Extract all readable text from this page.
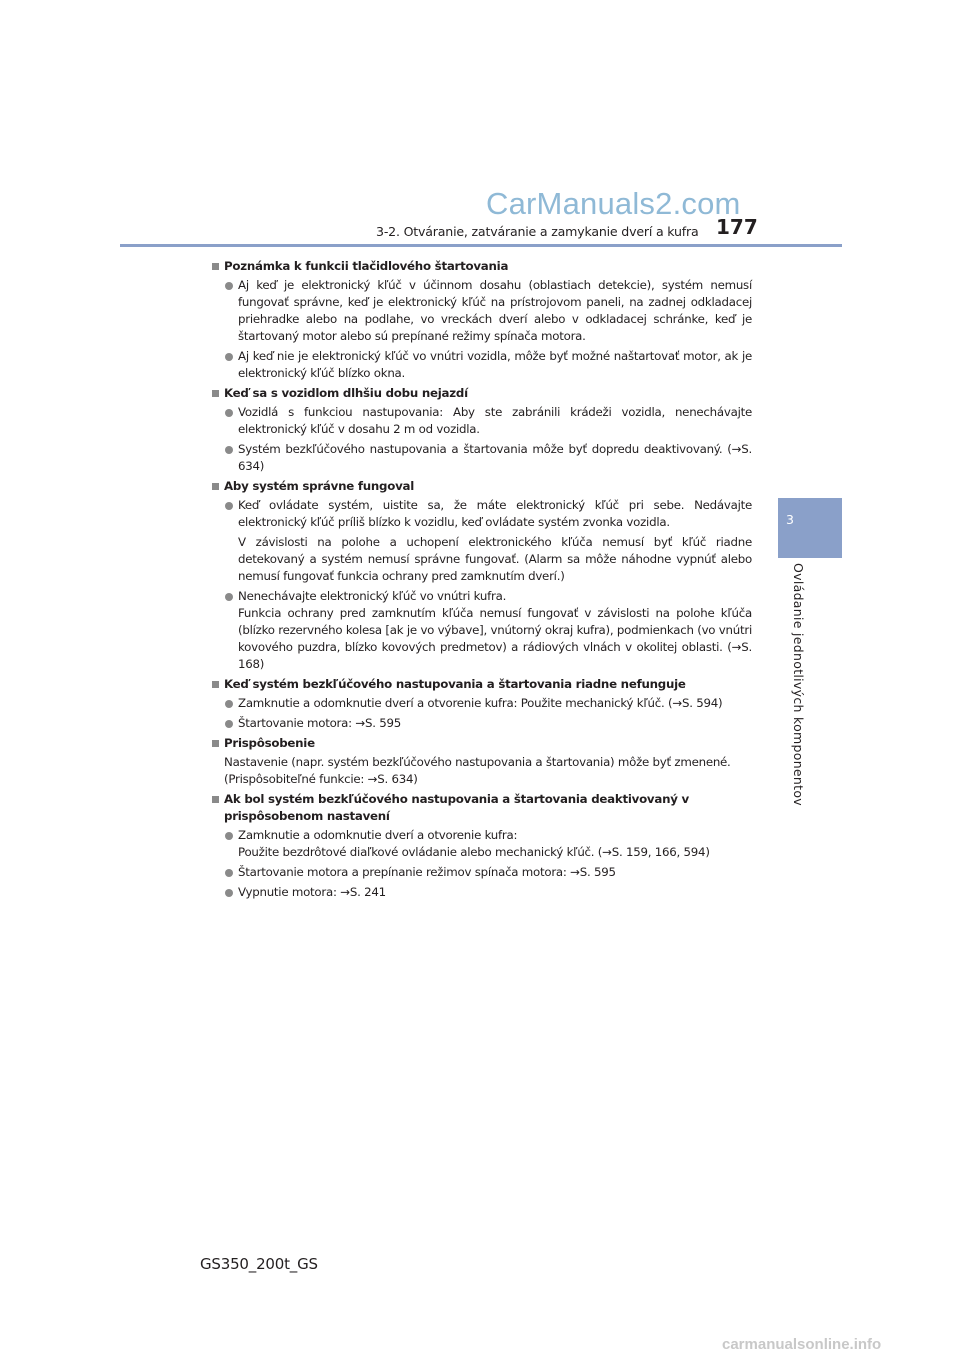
CarManuals2.com
3-2. Otváranie, zatváranie a zamykanie dverí a kufra 177
3
Ovládanie jednotlivých komponentov
Poznámka k funkcii tlačidlového štartovania
Aj keď je elektronický kľúč v účinnom dosahu (oblastiach detekcie), systém nemusí fungovať správne, keď je elektronický kľúč na prístrojovom paneli, na zadnej odkladacej priehradke alebo na podlahe, vo vreckách dverí alebo v odkladacej schránke, keď je štartovaný motor alebo sú prepínané režimy spínača motora.
Aj keď nie je elektronický kľúč vo vnútri vozidla, môže byť možné naštartovať motor, ak je elektronický kľúč blízko okna.
Keď sa s vozidlom dlhšiu dobu nejazdí
Vozidlá s funkciou nastupovania: Aby ste zabránili krádeži vozidla, nenechávajte elektronický kľúč v dosahu 2 m od vozidla.
Systém bezkľúčového nastupovania a štartovania môže byť dopredu deaktivovaný. (→S. 634)
Aby systém správne fungoval
Keď ovládate systém, uistite sa, že máte elektronický kľúč pri sebe. Nedávajte elektronický kľúč príliš blízko k vozidlu, keď ovládate systém zvonka vozidla.
V závislosti na polohe a uchopení elektronického kľúča nemusí byť kľúč riadne detekovaný a systém nemusí správne fungovať. (Alarm sa môže náhodne vypnúť alebo nemusí fungovať funkcia ochrany pred zamknutím dverí.)
Nenechávajte elektronický kľúč vo vnútri kufra.
Funkcia ochrany pred zamknutím kľúča nemusí fungovať v závislosti na polohe kľúča (blízko rezervného kolesa [ak je vo výbave], vnútorný okraj kufra), podmienkach (vo vnútri kovového puzdra, blízko kovových predmetov) a rádiových vlnách v okolitej oblasti. (→S. 168)
Keď systém bezkľúčového nastupovania a štartovania riadne nefunguje
Zamknutie a odomknutie dverí a otvorenie kufra: Použite mechanický kľúč. (→S. 594)
Štartovanie motora: →S. 595
Prispôsobenie
Nastavenie (napr. systém bezkľúčového nastupovania a štartovania) môže byť zmenené. (Prispôsobiteľné funkcie: →S. 634)
Ak bol systém bezkľúčového nastupovania a štartovania deaktivovaný v prispôsobenom nastavení
Zamknutie a odomknutie dverí a otvorenie kufra:
Použite bezdrôtové diaľkové ovládanie alebo mechanický kľúč. (→S. 159, 166, 594)
Štartovanie motora a prepínanie režimov spínača motora: →S. 595
Vypnutie motora: →S. 241
GS350_200t_GS
carmanualsonline.info
